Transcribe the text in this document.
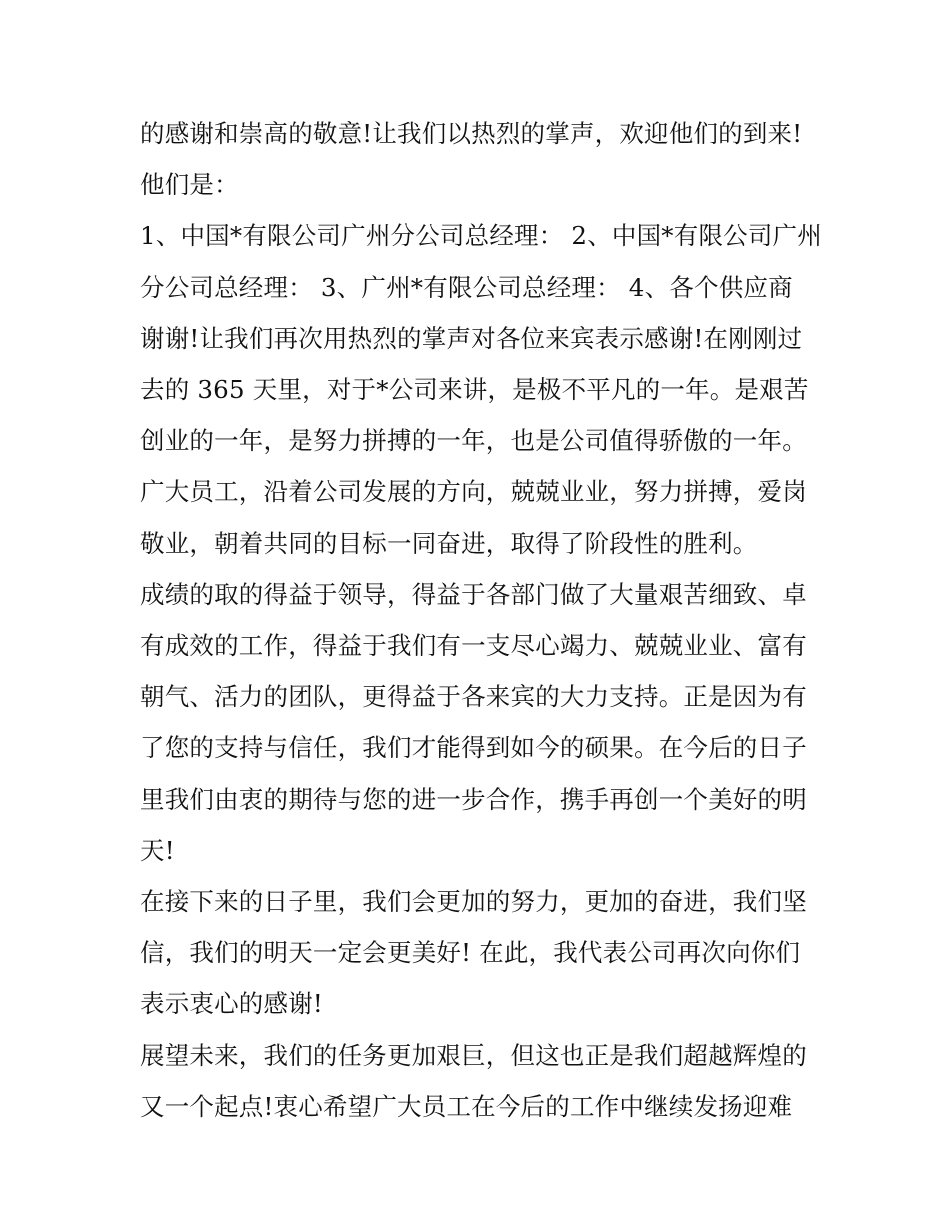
的感谢和崇高的敬意!让我们以热烈的掌声，欢迎他们的到来!
他们是：
1、中国*有限公司广州分公司总经理： 2、中国*有限公司广州
分公司总经理： 3、广州*有限公司总经理： 4、各个供应商
谢谢!让我们再次用热烈的掌声对各位来宾表示感谢!在刚刚过
去的 365 天里，对于*公司来讲，是极不平凡的一年。是艰苦
创业的一年，是努力拼搏的一年，也是公司值得骄傲的一年。
广大员工，沿着公司发展的方向，兢兢业业，努力拼搏，爱岗
敬业，朝着共同的目标一同奋进，取得了阶段性的胜利。
成绩的取的得益于领导，得益于各部门做了大量艰苦细致、卓
有成效的工作，得益于我们有一支尽心竭力、兢兢业业、富有
朝气、活力的团队，更得益于各来宾的大力支持。正是因为有
了您的支持与信任，我们才能得到如今的硕果。在今后的日子
里我们由衷的期待与您的进一步合作，携手再创一个美好的明
天!
在接下来的日子里，我们会更加的努力，更加的奋进，我们坚
信，我们的明天一定会更美好! 在此，我代表公司再次向你们
表示衷心的感谢!
展望未来，我们的任务更加艰巨，但这也正是我们超越辉煌的
又一个起点!衷心希望广大员工在今后的工作中继续发扬迎难
